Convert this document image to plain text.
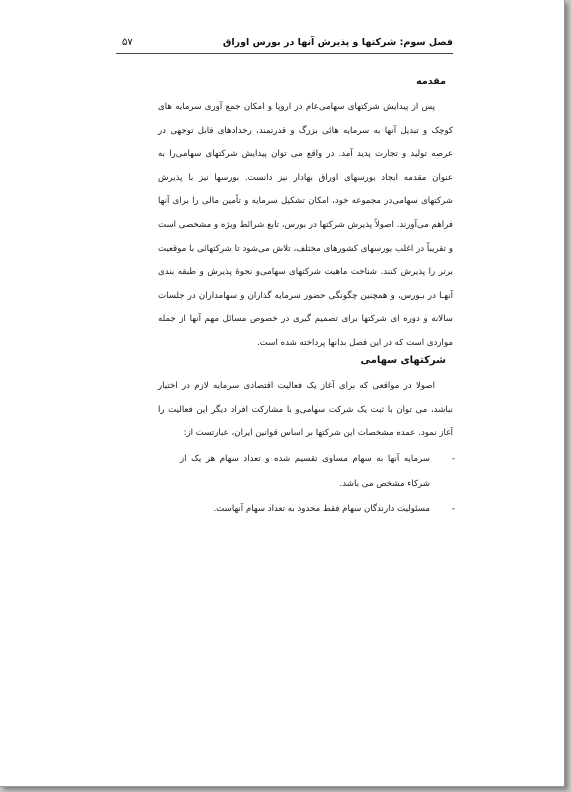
فصل سوم: شرکتها و پذیرش آنها در بورس اوراق
۵۷
مقدمه

پس از پیدایش شرکتهای سهامی‌عام در اروپا و امکان جمع آوری سرمایه های کوچک و تبدیل آنها به سرمایه هائی بزرگ و قدرتمند، رخدادهای قابل توجهی در عرصه تولید و تجارت پدید آمد. در واقع می توان پیدایش شرکتهای سهامی‌را به عنوان مقدمه ایجاد بورسهای اوراق بهادار نیز دانست. بورسها نیز با پذیرش شرکتهای سهامی‌در مجموعه خود، امکان تشکیل سرمایه و تأمین مالی را برای آنها فراهم می‌آورند. اصولاً پذیرش شرکتها در بورس، تابع شرائط ویژه و مشخصی است و تقریباً در اغلب بورسهای کشورهای مختلف، تلاش می‌شود تا شرکتهائی با موقعیت برتر را پذیرش کنند. شناخت ماهیت شرکتهای سهامی‌و نحوۀ پذیرش و طبقه بندی آنهـا در بـورس، و همچنین چگونگی حضور سرمایه گذاران و سهامداران در جلسات سالانه و دوره ای شرکتها برای تصمیم گیری در خصوص مسائل مهم آنها از جمله مواردی است که در این فصل بدانها پرداخته شده است.

شرکتهای سهامی

اصولا در مواقعی که برای آغاز یک فعالیت اقتصادی سرمایه لازم در اختیار نباشد، می توان با ثبت یک شرکت سهامی‌و با مشارکت افراد دیگر این فعالیت را آغاز نمود. عمده مشخصات این شرکتها بر اساس قوانین ایران، عبارتست از:

-
سرمایه آنها به سهام مساوی تقسیم شده و تعداد سهام هر یک از شرکاء مشخص می باشد.
-
مسئولیت دارندگان سهام فقط محدود به تعداد سهام آنهاست.
